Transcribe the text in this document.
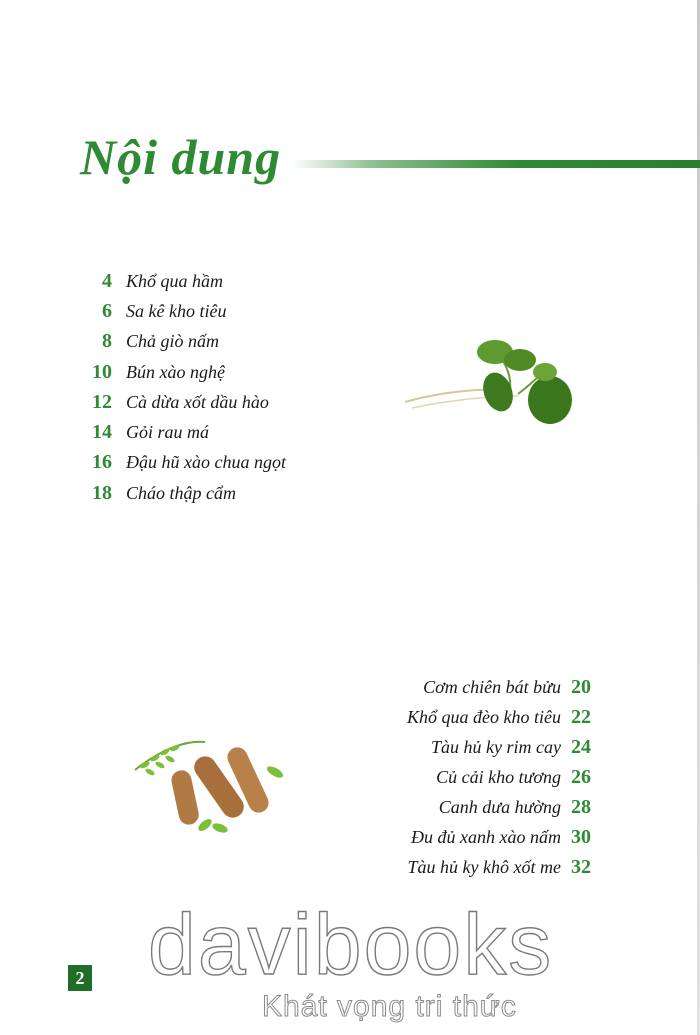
Nội dung
4 Khổ qua hầm
6 Sa kê kho tiêu
8 Chả giò nấm
10 Bún xào nghệ
12 Cà dừa xốt dầu hào
14 Gỏi rau má
16 Đậu hũ xào chua ngọt
18 Cháo thập cẩm
Cơm chiên bát bửu 20
Khổ qua đèo kho tiêu 22
Tàu hủ ky rim cay 24
Củ cải kho tương 26
Canh dưa hường 28
Đu đủ xanh xào nấm 30
Tàu hủ ky khô xốt me 32
davibooks
Khát vọng tri thức
2
